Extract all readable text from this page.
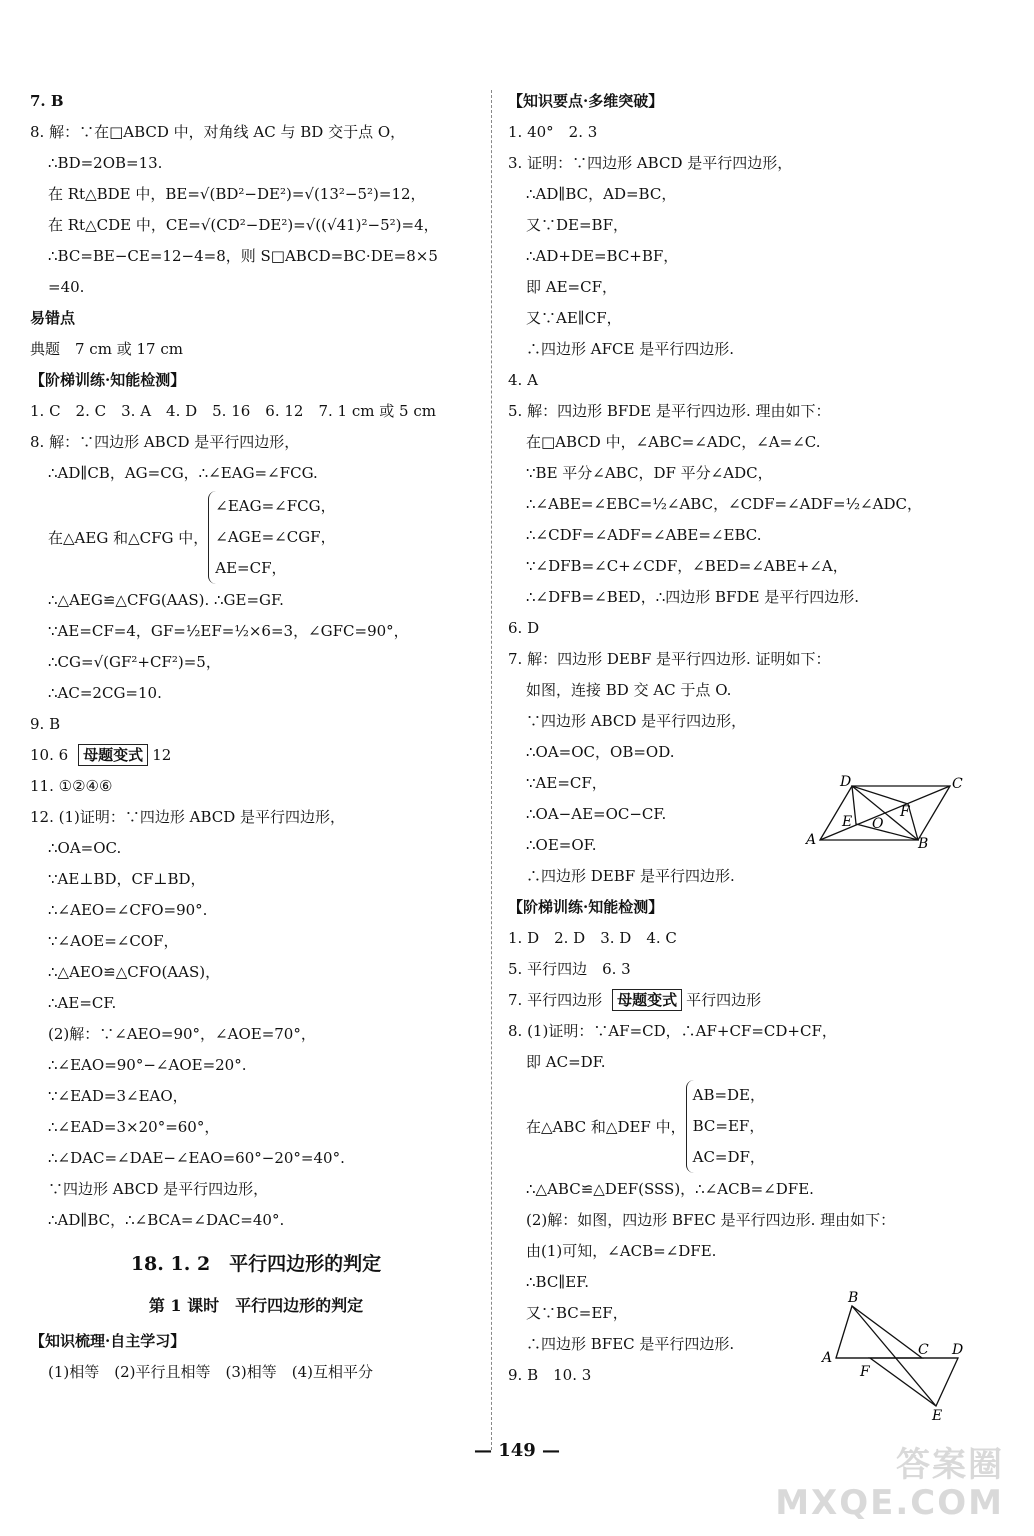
7. B
8. 解：∵在□ABCD 中，对角线 AC 与 BD 交于点 O，
∴BD=2OB=13.
在 Rt△BDE 中，BE=√(BD²−DE²)=√(13²−5²)=12，
在 Rt△CDE 中，CE=√(CD²−DE²)=√((√41)²−5²)=4，
∴BC=BE−CE=12−4=8，则 S□ABCD=BC·DE=8×5
=40.
易错点
典题　7 cm 或 17 cm
【阶梯训练·知能检测】
1. C　2. C　3. A　4. D　5. 16　6. 12　7. 1 cm 或 5 cm
8. 解：∵四边形 ABCD 是平行四边形，
∴AD∥CB，AG=CG，∴∠EAG=∠FCG.
在△AEG 和△CFG 中，
∠EAG=∠FCG，
∠AGE=∠CGF，
AE=CF，
∴△AEG≌△CFG(AAS). ∴GE=GF.
∵AE=CF=4，GF=½EF=½×6=3，∠GFC=90°，
∴CG=√(GF²+CF²)=5，
∴AC=2CG=10.
9. B
10. 6 母题变式 12
11. ①②④⑥
12. (1)证明：∵四边形 ABCD 是平行四边形，
∴OA=OC.
∵AE⊥BD，CF⊥BD，
∴∠AEO=∠CFO=90°.
∵∠AOE=∠COF，
∴△AEO≌△CFO(AAS)，
∴AE=CF.
(2)解：∵∠AEO=90°，∠AOE=70°，
∴∠EAO=90°−∠AOE=20°.
∵∠EAD=3∠EAO，
∴∠EAD=3×20°=60°，
∴∠DAC=∠DAE−∠EAO=60°−20°=40°.
∵四边形 ABCD 是平行四边形，
∴AD∥BC，∴∠BCA=∠DAC=40°.
18. 1. 2　平行四边形的判定
第 1 课时　平行四边形的判定
【知识梳理·自主学习】
(1)相等　(2)平行且相等　(3)相等　(4)互相平分
【知识要点·多维突破】
1. 40°　2. 3
3. 证明：∵四边形 ABCD 是平行四边形，
∴AD∥BC，AD=BC，
又∵DE=BF，
∴AD+DE=BC+BF，
即 AE=CF，
又∵AE∥CF，
∴四边形 AFCE 是平行四边形.
4. A
5. 解：四边形 BFDE 是平行四边形. 理由如下：
在□ABCD 中，∠ABC=∠ADC，∠A=∠C.
∵BE 平分∠ABC，DF 平分∠ADC，
∴∠ABE=∠EBC=½∠ABC，∠CDF=∠ADF=½∠ADC，
∴∠CDF=∠ADF=∠ABE=∠EBC.
∵∠DFB=∠C+∠CDF，∠BED=∠ABE+∠A，
∴∠DFB=∠BED，∴四边形 BFDE 是平行四边形.
6. D
7. 解：四边形 DEBF 是平行四边形. 证明如下：
如图，连接 BD 交 AC 于点 O.
∵四边形 ABCD 是平行四边形，
∴OA=OC，OB=OD.
∵AE=CF，
∴OA−AE=OC−CF.
∴OE=OF.
∴四边形 DEBF 是平行四边形.
【阶梯训练·知能检测】
1. D　2. D　3. D　4. C
5. 平行四边　6. 3
7. 平行四边形 母题变式 平行四边形
8. (1)证明：∵AF=CD，∴AF+CF=CD+CF，
即 AC=DF.
在△ABC 和△DEF 中，
AB=DE，
BC=EF，
AC=DF，
∴△ABC≌△DEF(SSS)，∴∠ACB=∠DFE.
(2)解：如图，四边形 BFEC 是平行四边形. 理由如下：
由(1)可知，∠ACB=∠DFE.
∴BC∥EF.
又∵BC=EF，
∴四边形 BFEC 是平行四边形.
9. B　10. 3
A	B
C
D
E
F
O
A
B
C D
E
F
— 149 —	答案圈
MXQE.COM
